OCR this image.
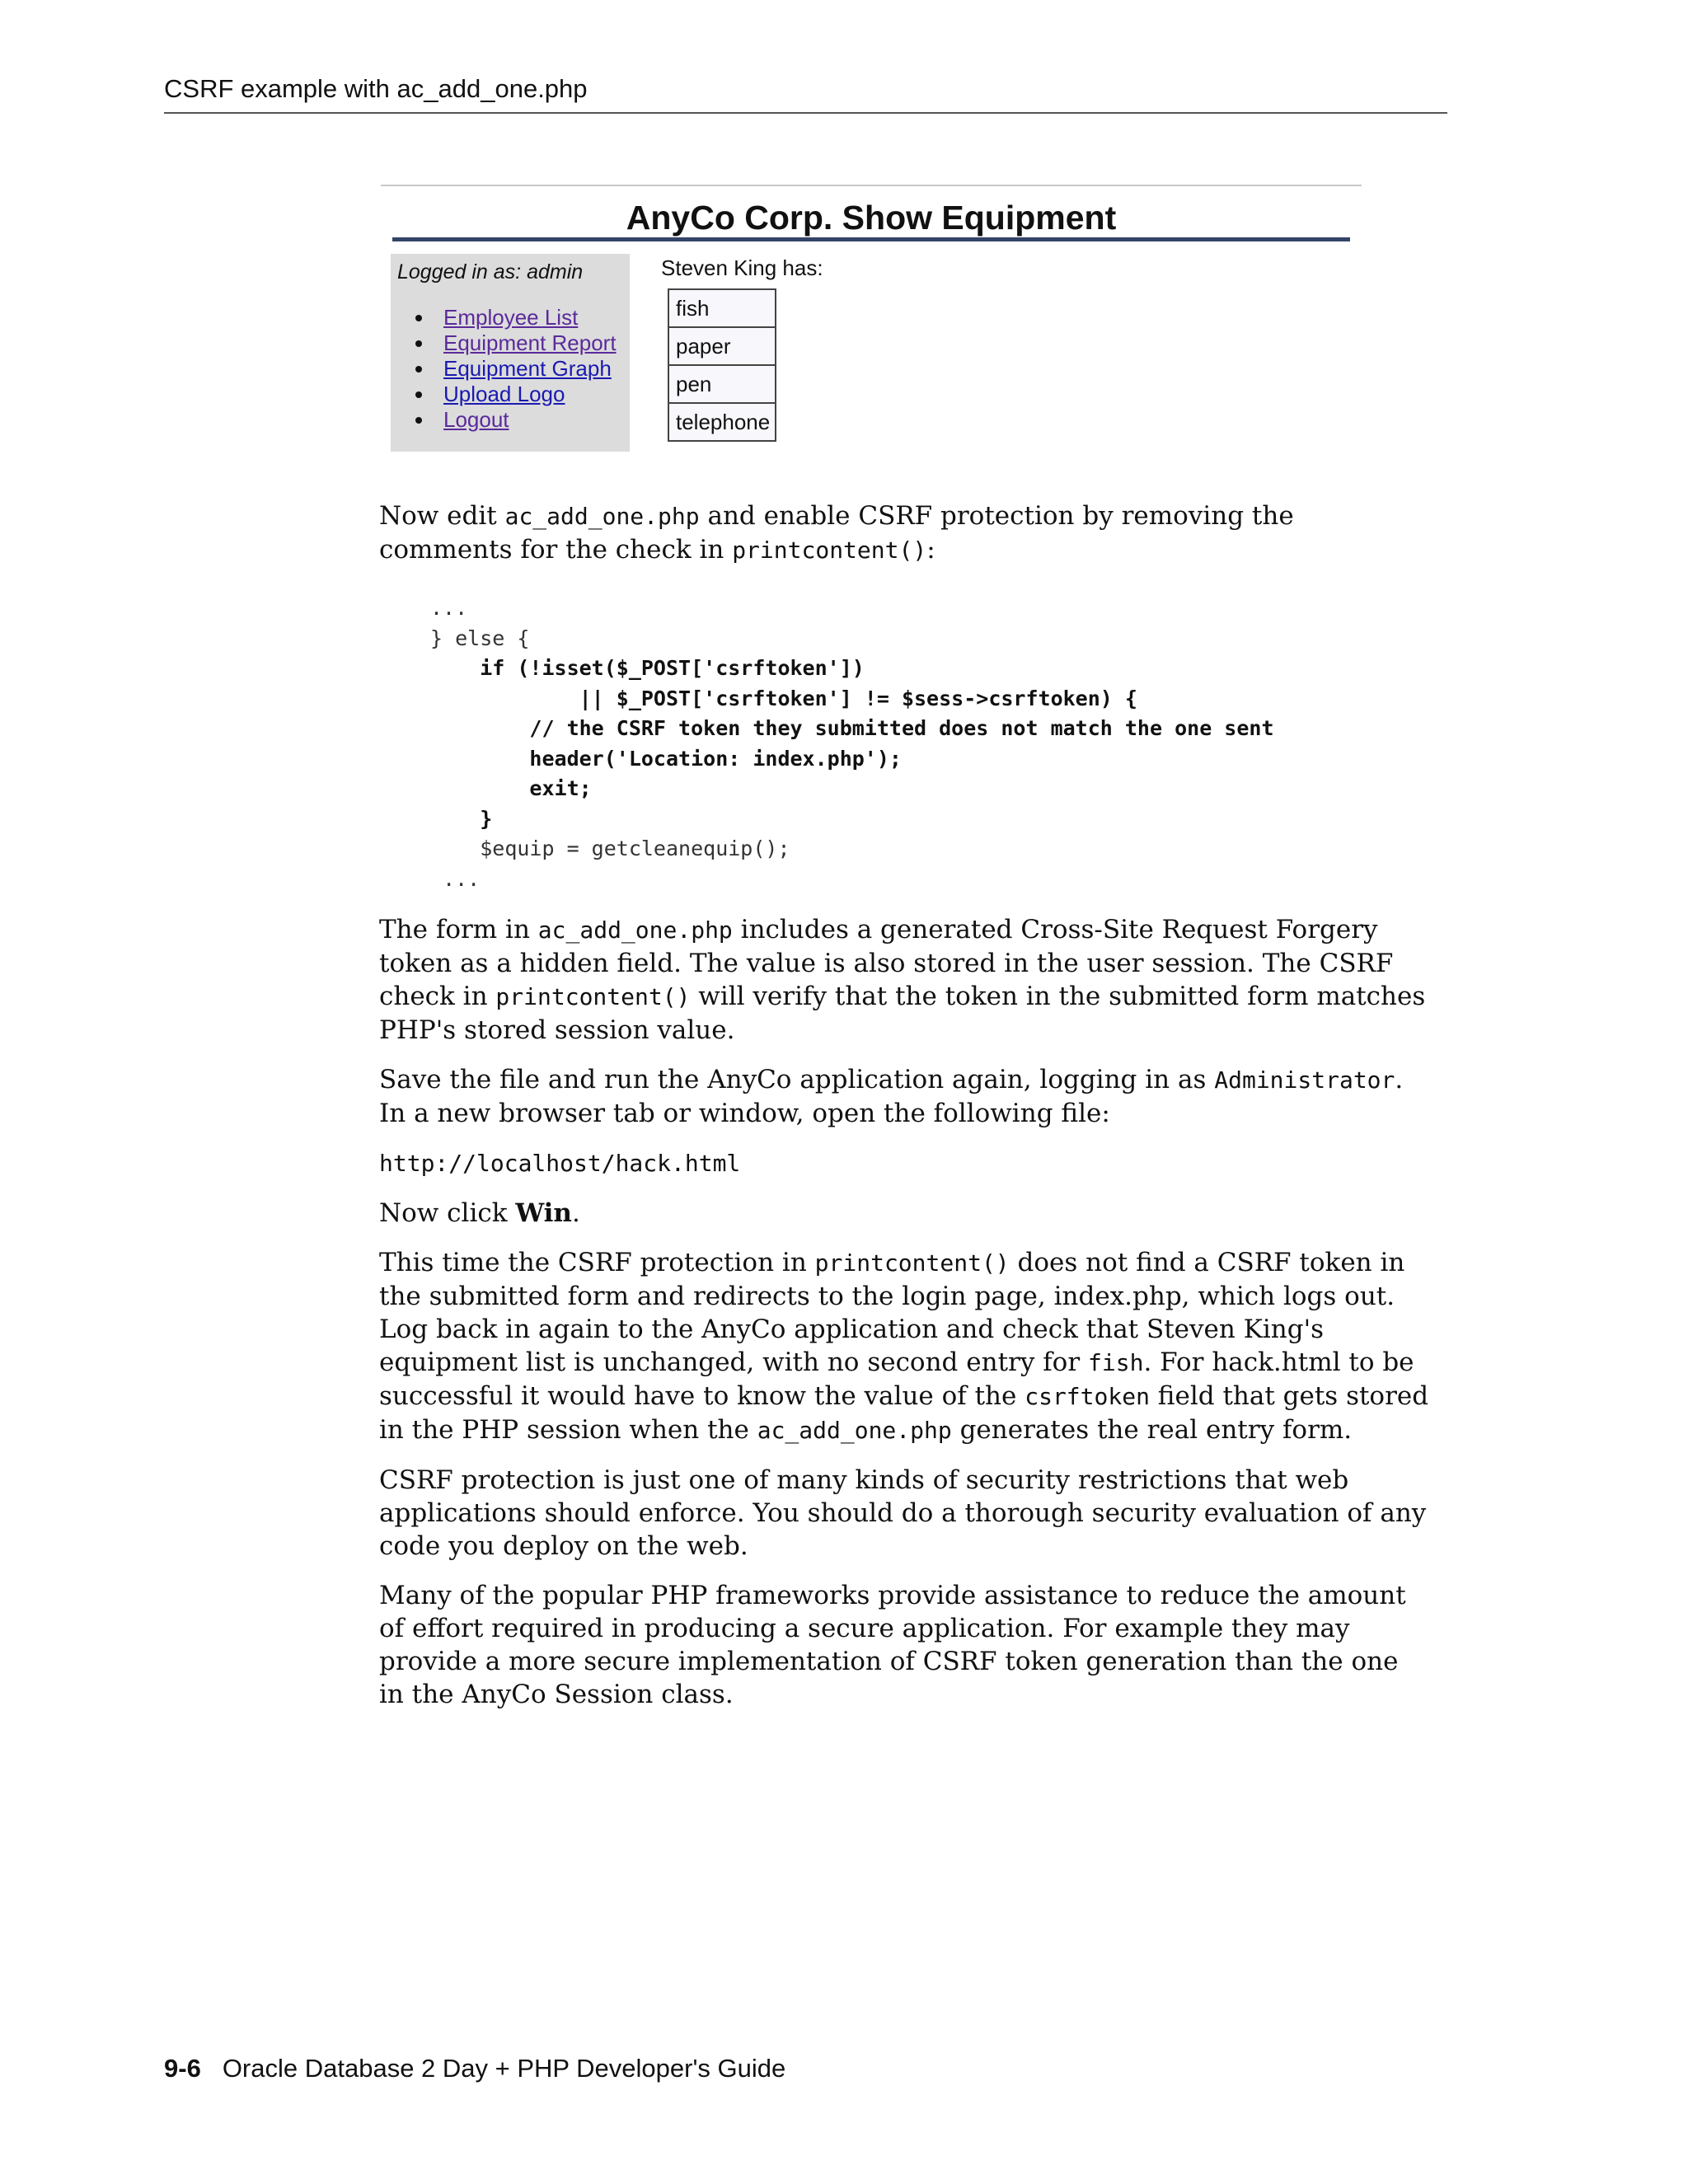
CSRF example with ac_add_one.php
AnyCo Corp. Show Equipment
Logged in as: admin
Employee List
Equipment Report
Equipment Graph
Upload Logo
Logout
Steven King has:
fish
paper
pen
telephone

Now edit ac_add_one.php and enable CSRF protection by removing the comments for the check in printcontent():

...
} else {
if (!isset($_POST['csrftoken'])
|| $_POST['csrftoken'] != $sess->csrftoken) {
// the CSRF token they submitted does not match the one sent
header('Location: index.php');
exit;
}
$equip = getcleanequip();
...

The form in ac_add_one.php includes a generated Cross-Site Request Forgery token as a hidden field. The value is also stored in the user session. The CSRF check in printcontent() will verify that the token in the submitted form matches PHP's stored session value.

Save the file and run the AnyCo application again, logging in as Administrator. In a new browser tab or window, open the following file:

http://localhost/hack.html

Now click Win.

This time the CSRF protection in printcontent() does not find a CSRF token in the submitted form and redirects to the login page, index.php, which logs out. Log back in again to the AnyCo application and check that Steven King's equipment list is unchanged, with no second entry for fish. For hack.html to be successful it would have to know the value of the csrftoken field that gets stored in the PHP session when the ac_add_one.php generates the real entry form.

CSRF protection is just one of many kinds of security restrictions that web applications should enforce. You should do a thorough security evaluation of any code you deploy on the web.

Many of the popular PHP frameworks provide assistance to reduce the amount of effort required in producing a secure application. For example they may provide a more secure implementation of CSRF token generation than the one in the AnyCo Session class.

9-6 Oracle Database 2 Day + PHP Developer's Guide
